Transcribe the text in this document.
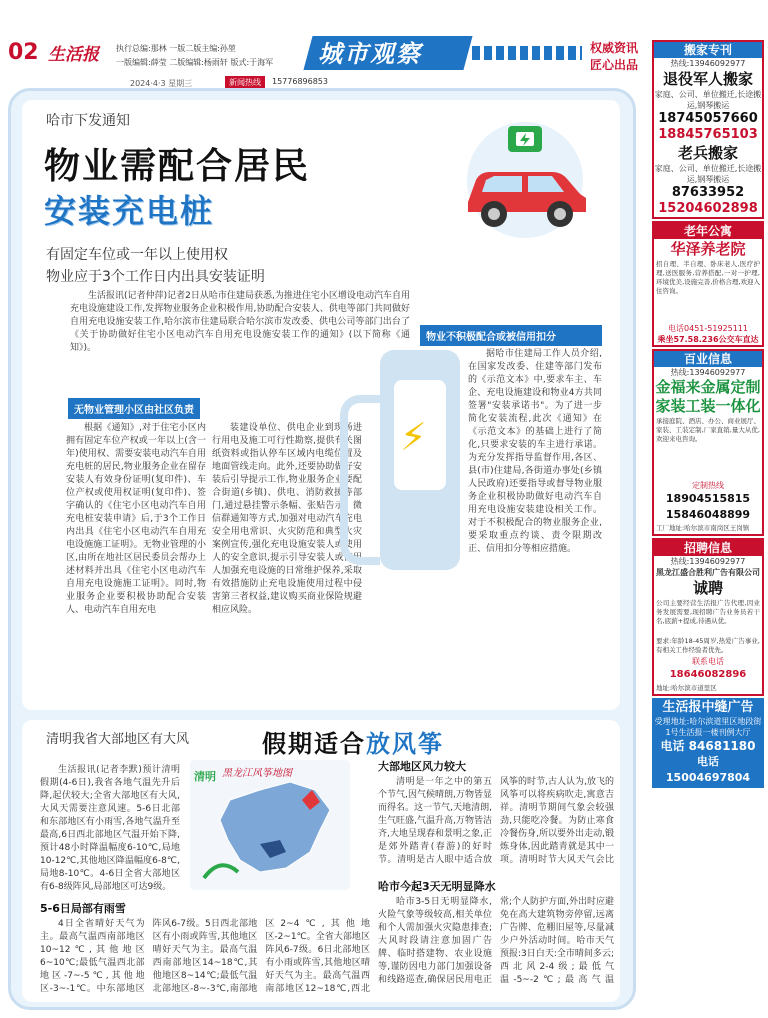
02 生活报 执行总编:那林 一版二版主编:孙堃
一版编辑:薛莹 二版编辑:杨雨轩 版式:于海军
2024·4·3 星期三	新闻热线	15776896853
城市观察	权威资讯
匠心出品
哈市下发通知
物业需配合居民
安装充电桩
有固定车位或一年以上使用权
物业应于3个工作日内出具安装证明

生活报讯(记者仲萍)记者2日从哈市住建局获悉,为推进住宅小区增设电动汽车自用充电设施建设工作,发挥物业服务企业积极作用,协助配合安装人、供电等部门共同做好自用充电设施安装工作,哈尔滨市住建局联合哈尔滨市发改委、供电公司等部门出台了《关于协助做好住宅小区电动汽车自用充电设施安装工作的通知》(以下简称《通知》)。

无物业管理小区由社区负责

根据《通知》,对于住宅小区内拥有固定车位产权或一年以上(含一年)使用权、需要安装电动汽车自用充电桩的居民,物业服务企业在留存安装人有效身份证明(复印件)、车位产权或使用权证明(复印件)、签字确认的《住宅小区电动汽车自用充电桩安装申请》后,于3个工作日内出具《住宅小区电动汽车自用充电设施施工证明》。无物业管理的小区,由所在地社区居民委员会帮办上述材料并出具《住宅小区电动汽车自用充电设施施工证明》。同时,物业服务企业要积极协助配合安装人、电动汽车自用充电

装建设单位、供电企业到现场进行用电及施工可行性勘察,提供有关图纸资料或指认停车区域内电缆位置及地面管线走向。此外,还要协助做好安装后引导提示工作,物业服务企业要配合街道(乡镇)、供电、消防救援等部门,通过悬挂警示条幅、张贴告示、微信群通知等方式,加强对电动汽车充电安全用电常识、火灾防范和典型火灾案例宣传,强化充电设施安装人或使用人的安全意识,提示引导安装人或使用人加强充电设施的日常维护保养,采取有效措施防止充电设施使用过程中侵害第三者权益,建议购买商业保险规避相应风险。

⚡
物业不积极配合或被信用扣分

据哈市住建局工作人员介绍,在国家发改委、住建等部门发布的《示范文本》中,要求车主、车企、充电设施建设和物业4方共同签署"安装承诺书"。为了进一步简化安装流程,此次《通知》在《示范文本》的基础上进行了简化,只要求安装的车主进行承诺。为充分发挥指导监督作用,各区、县(市)住建局,各街道办事处(乡镇人民政府)还要指导或督导物业服务企业积极协助做好电动汽车自用充电设施安装建设相关工作。对于不积极配合的物业服务企业,要采取重点约谈、责令限期改正、信用扣分等相应措施。

清明我省大部地区有大风	假期适合放风筝

生活报讯(记者李默)预计清明假期(4-6日),我省各地气温先升后降,起伏较大;全省大部地区有大风,大风天需要注意风速。5-6日北部和东部地区有小雨雪,各地气温升至最高,6日西北部地区气温开始下降,预计48小时降温幅度6-10℃,局地10-12℃,其他地区降温幅度6-8℃,局地8-10℃。4-6日全省大部地区有6-8级阵风,局部地区可达9级。

黑龙江风筝地图
清明
大部地区风力较大

清明是一年之中的第五个节气,因气候晴朗,万物皆显而得名。这一节气,天地清朗,生气旺盛,气温升高,万物皆洁齐,大地呈现春和景明之象,正是郊外踏青(春游)的好时节。清明是古人眼中适合放风筝的时节,古人认为,放飞的风筝可以将疾病吹走,寓意吉祥。清明节期间气象会较强劲,只能吃冷餐。为防止寒食冷餐伤身,所以要外出走动,锻炼身体,因此踏青就是其中一项。清明时节大风天气会比

哈市今起3天无明显降水

哈市3-5日无明显降水,火险气象等级较高,相关单位和个人需加强火灾隐患排查;大风时段请注意加固广告牌、临时搭建物、农业设施等,谨防因电力部门加强设备和线路巡查,确保居民用电正常;个人防护方面,外出时应避免在高大建筑物旁停留,远离广告牌、危棚旧屋等,尽量减少户外活动时间。哈市天气预报:3日白天:全市晴间多云;西北风2-4级;最低气温-5~-2℃;最高气温

5-6日局部有雨雪

4日全省晴好天气为主。最高气温西南部地区10~12℃,其他地区6~10℃;最低气温西北部地区-7~-5℃,其他地区-3~-1℃。中东部地区阵风6-7级。5日西北部地区有小雨或阵雪,其他地区晴好天气为主。最高气温西南部地区14~18℃,其他地区8~14℃;最低气温北部地区-8~-3℃,南部地区2~4℃,其他地区-2~1℃。全省大部地区阵风6-7级。6日北部地区有小雨或阵雪,其他地区晴好天气为主。最高气温西南部地区12~18℃,西北

搬家专刊
热线:13946092977
退役军人搬家
家庭、公司、单位搬迁,长途搬运,钢琴搬运
18745057660
18845765103
老兵搬家
家庭、公司、单位搬迁,长途搬运,钢琴搬运
87633952
15204602898
老年公寓
华泽养老院
招自理、半自理、卧床老人,医疗护理,送医服务,营养搭配,一对一护理,环境优美,设施完善,价格合理,欢迎入住咨询。
电话0451-51925111
乘坐57.58.236公交车直达
百业信息
热线:13946092977
金福来金属定制 家装工装一体化
承接庭院、酒店、办公、商业展厅、家装、工装定制,厂家直销,量大从优,欢迎来电咨询。
定制热线
18904515815
15846048899
工厂地址:哈尔滨市南岗区王岗镇
招聘信息
热线:13946092977
黑龙江盛合胜利广告有限公司
诚聘
公司主要经营生活报广告代理,因业务发展需要,现招聘广告业务员若干名,底薪+提成,待遇从优。
要求:年龄18-45周岁,热爱广告事业,有相关工作经验者优先。
联系电话
18646082896
地址:哈尔滨市道里区
生活报中缝广告
受理地址:哈尔滨道里区地段街1号生活报一楼刊例大厅
电话 84681180
电话 15004697804
